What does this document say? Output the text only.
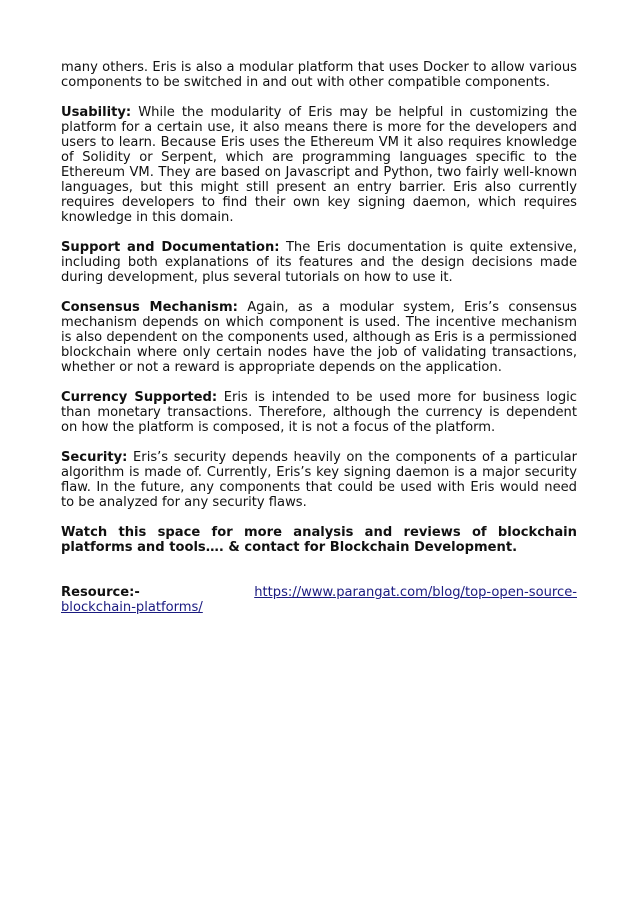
many others. Eris is also a modular platform that uses Docker to allow various components to be switched in and out with other compatible components.

Usability: While the modularity of Eris may be helpful in customizing the platform for a certain use, it also means there is more for the developers and users to learn. Because Eris uses the Ethereum VM it also requires knowledge of Solidity or Serpent, which are programming languages specific to the Ethereum VM. They are based on Javascript and Python, two fairly well-known languages, but this might still present an entry barrier. Eris also currently requires developers to find their own key signing daemon, which requires knowledge in this domain.

Support and Documentation: The Eris documentation is quite extensive, including both explanations of its features and the design decisions made during development, plus several tutorials on how to use it.

Consensus Mechanism: Again, as a modular system, Eris’s consensus mechanism depends on which component is used. The incentive mechanism is also dependent on the components used, although as Eris is a permissioned blockchain where only certain nodes have the job of validating transactions, whether or not a reward is appropriate depends on the application.

Currency Supported: Eris is intended to be used more for business logic than monetary transactions. Therefore, although the currency is dependent on how the platform is composed, it is not a focus of the platform.

Security: Eris’s security depends heavily on the components of a particular algorithm is made of. Currently, Eris’s key signing daemon is a major security flaw. In the future, any components that could be used with Eris would need to be analyzed for any security flaws.

Watch this space for more analysis and reviews of blockchain platforms and tools…. & contact for Blockchain Development.

Resource:-	https://www.parangat.com/blog/top-open-source-blockchain-platforms/
